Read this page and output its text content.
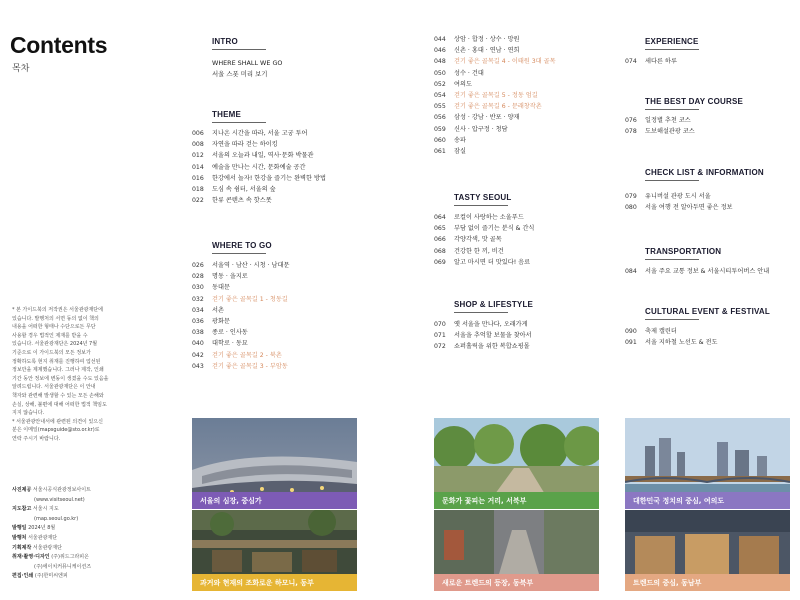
Contents
목차

* 본 가이드북의 저작권은 서울관광재단에

있습니다. 발행처의 서면 동의 없이 책의

내용을 어떠한 형태나 수단으로든 무단

사용할 경우 법적인 제재를 받을 수

있습니다. 서울관광재단은 2024년 7월

기준으로 이 가이드북의 모든 정보가

정확하도록 현지 취재를 진행하여 업선된

정보만을 제제했습니다. 그러나 제작, 인쇄

기간 동안 정보에 변동이 생겼을 수도 있음을

알려드립니다. 서울관광재단은 이 안내

책자와 관련해 발생할 수 있는 모든 손해와

손실, 상해, 불편에 대해 어떠한 법적 책임도

지지 않습니다.

* 서울관광안내서에 관련된 의견이 있으신

분은 이메일(mapsguide@sto.or.kr)로

연락 주시기 바랍니다.

사진제공 서울시공식관광정보사이트
(www.visitseoul.net)
지도참고 서울시 지도
(map.seoul.go.kr)
발행일 2024년 8월
발행처 서울관광재단
기획제작 서울관광재단
취재·촬영·디자인 (주)위드그라피온
(주)에이치커뮤니케이션즈
편집·인쇄 (주)한미씨엔피
INTRO
WHERE SHALL WE GO
서울 스폿 미리 보기
THEME
006 지나온 시간을 따라, 서울 고궁 투어
008 자연을 따라 걷는 하이킹
012 서울의 오늘과 내일, 역사·문화 박물관
014 예술을 만나는 시간, 문화예술 공간
016 한강에서 놀자! 한강을 즐기는 완벽한 방법
018 도심 속 쉼터, 서울의 숲
022 한류 콘텐츠 속 핫스폿
WHERE TO GO
026 서울역 · 남산 · 시청 · 남대문
028 명동 · 을지로
030 동대문
032 걷기 좋은 골목길 1 - 청동길
034 서촌
036 광화문
038 종로 · 인사동
040 대학로 · 동묘
042 걷기 좋은 골목길 2 - 북촌
043 걷기 좋은 골목길 3 - 부암동
044 상암 · 합정 · 상수 · 망원
046 신촌 · 홍대 · 연남 · 연희
048 걷기 좋은 골목길 4 - 이태원 3대 골목
050 성수 · 건대
052 여의도
054 걷기 좋은 골목길 5 - 정동 엄길
055 걷기 좋은 골목길 6 - 문래창작촌
056 삼성 · 강남 · 반포 · 양재
059 신사 · 압구정 · 청담
060 송파
061 잠실
TASTY SEOUL
064 로컬이 사랑하는 소울푸드
065 부담 없이 즐기는 분식 & 간식
066 각양각색, 맛 골목
068 건강한 한 끼, 비건
069 알고 마시면 더 맛있다! 음료
SHOP & LIFESTYLE
070 옛 서울을 만나다, 오래가게
071 서울을 추억할 보물을 찾아서
072 쇼퍼홀릭을 위한 복합쇼핑몰
EXPERIENCE
074 세다른 하루
THE BEST DAY COURSE
076 일정별 추천 코스
078 도보해설관광 코스
CHECK LIST & INFORMATION
079 유니버설 관광 도시 서울
080 서울 여행 전 알아두면 좋은 정보
TRANSPORTATION
084 서울 주요 교통 정보 & 서울시티투어버스 안내
CULTURAL EVENT & FESTIVAL
090 축제 캘린더
091 서울 지하철 노선도 & 전도
서울의 심장, 중심가
과거와 현재의 조화로운 하모니, 동부
문화가 꽃피는 거리, 서북부
새로운 트렌드의 등장, 동북부
대한민국 정치의 중심, 여의도
트렌드의 중심, 동남부
